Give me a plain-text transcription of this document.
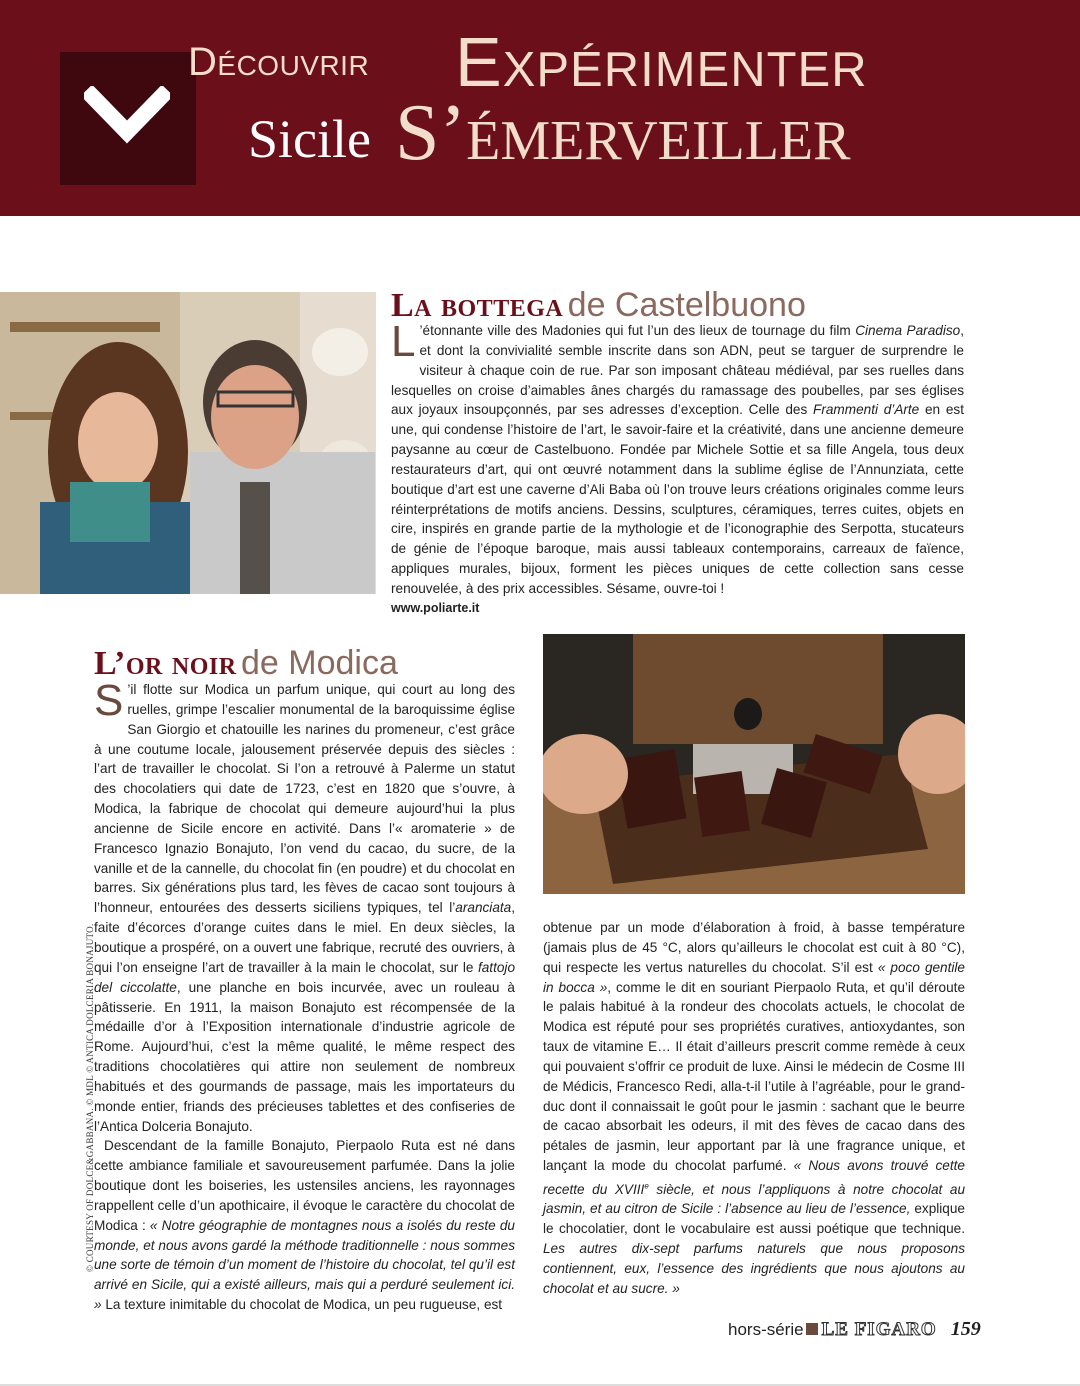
Découvrir Expérimenter
Sicile S’émerveiller
La bottega de Castelbuono

L ’étonnante ville des Madonies qui fut l’un des lieux de tournage du film Cinema Paradiso, et dont la convivialité semble inscrite dans son ADN, peut se targuer de surprendre le visiteur à chaque coin de rue. Par son imposant château médiéval, par ses ruelles dans lesquelles on croise d’aimables ânes chargés du ramassage des poubelles, par ses églises aux joyaux insoupçonnés, par ses adresses d’exception. Celle des Frammenti d’Arte en est une, qui condense l’histoire de l’art, le savoir-faire et la créativité, dans une ancienne demeure paysanne au cœur de Castelbuono. Fondée par Michele Sottie et sa fille Angela, tous deux restaurateurs d’art, qui ont œuvré notamment dans la sublime église de l’Annunziata, cette boutique d’art est une caverne d’Ali Baba où l’on trouve leurs créations originales comme leurs réinterprétations de motifs anciens. Dessins, sculptures, céramiques, terres cuites, objets en cire, inspirés en grande partie de la mythologie et de l’iconographie des Serpotta, stucateurs de génie de l’époque baroque, mais aussi tableaux contemporains, carreaux de faïence, appliques murales, bijoux, forment les pièces uniques de cette collection sans cesse renouvelée, à des prix accessibles. Sésame, ouvre-toi !

www.poliarte.it

L’or noir de Modica

S ’il flotte sur Modica un parfum unique, qui court au long des ruelles, grimpe l’escalier monumental de la baroquissime église San Giorgio et chatouille les narines du promeneur, c’est grâce à une coutume locale, jalousement préservée depuis des siècles : l’art de travailler le chocolat. Si l’on a retrouvé à Palerme un statut des chocolatiers qui date de 1723, c’est en 1820 que s’ouvre, à Modica, la fabrique de chocolat qui demeure aujourd’hui la plus ancienne de Sicile encore en activité. Dans l’« aromaterie » de Francesco Ignazio Bonajuto, l’on vend du cacao, du sucre, de la vanille et de la cannelle, du chocolat fin (en poudre) et du chocolat en barres. Six générations plus tard, les fèves de cacao sont toujours à l’honneur, entourées des desserts siciliens typiques, tel l’aranciata, faite d’écorces d’orange cuites dans le miel. En deux siècles, la boutique a prospéré, on a ouvert une fabrique, recruté des ouvriers, à qui l’on enseigne l’art de travailler à la main le chocolat, sur le fattojo del ciccolatte, une planche en bois incurvée, avec un rouleau à pâtisserie. En 1911, la maison Bonajuto est récompensée de la médaille d’or à l’Exposition internationale d’industrie agricole de Rome. Aujourd’hui, c’est la même qualité, le même respect des traditions chocolatières qui attire non seulement de nombreux habitués et des gourmands de passage, mais les importateurs du monde entier, friands des précieuses tablettes et des confiseries de l’Antica Dolceria Bonajuto.

Descendant de la famille Bonajuto, Pierpaolo Ruta est né dans cette ambiance familiale et savoureusement parfumée. Dans la jolie boutique dont les boiseries, les ustensiles anciens, les rayonnages rappellent celle d’un apothicaire, il évoque le caractère du chocolat de Modica : « Notre géographie de montagnes nous a isolés du reste du monde, et nous avons gardé la méthode traditionnelle : nous sommes une sorte de témoin d’un moment de l’histoire du chocolat, tel qu’il est arrivé en Sicile, qui a existé ailleurs, mais qui a perduré seulement ici. » La texture inimitable du chocolat de Modica, un peu rugueuse, est

obtenue par un mode d’élaboration à froid, à basse température (jamais plus de 45 °C, alors qu’ailleurs le chocolat est cuit à 80 °C), qui respecte les vertus naturelles du chocolat. S’il est « poco gentile in bocca », comme le dit en souriant Pierpaolo Ruta, et qu’il déroute le palais habitué à la rondeur des chocolats actuels, le chocolat de Modica est réputé pour ses propriétés curatives, antioxydantes, son taux de vitamine E… Il était d’ailleurs prescrit comme remède à ceux qui pouvaient s’offrir ce produit de luxe. Ainsi le médecin de Cosme III de Médicis, Francesco Redi, alla-t-il l’utile à l’agréable, pour le grand-duc dont il connaissait le goût pour le jasmin : sachant que le beurre de cacao absorbait les odeurs, il mit des fèves de cacao dans des pétales de jasmin, leur apportant par là une fragrance unique, et lançant la mode du chocolat parfumé. « Nous avons trouvé cette recette du XVIIIe siècle, et nous l’appliquons à notre chocolat au jasmin, et au citron de Sicile : l’absence au lieu de l’essence, explique le chocolatier, dont le vocabulaire est aussi poétique que technique. Les autres dix-sept parfums naturels que nous proposons contiennent, eux, l’essence des ingrédients que nous ajoutons au chocolat et au sucre. »

© COURTESY OF DOLCE&GABBANA. © MDL © ANTICA DOLCERIA BONAJUTO.
hors-série LE FIGARO 159
